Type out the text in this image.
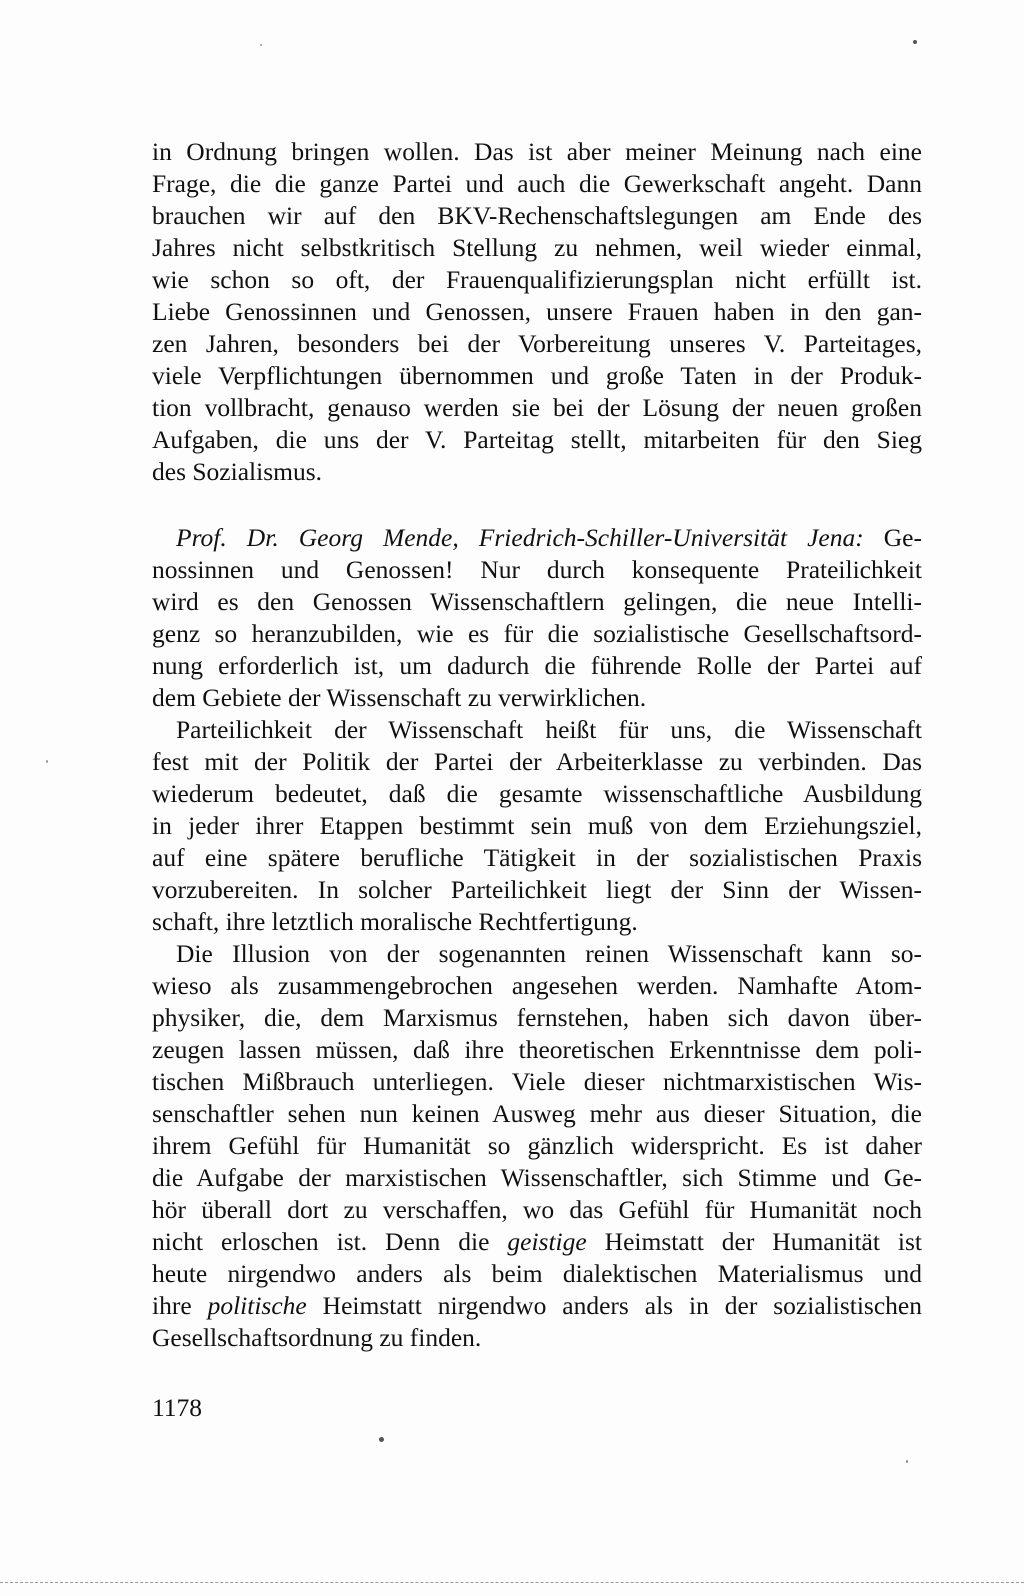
in Ordnung bringen wollen. Das ist aber meiner Meinung nach eine
Frage, die die ganze Partei und auch die Gewerkschaft angeht. Dann
brauchen wir auf den BKV-Rechenschaftslegungen am Ende des
Jahres nicht selbstkritisch Stellung zu nehmen, weil wieder einmal,
wie schon so oft, der Frauenqualifizierungsplan nicht erfüllt ist.
Liebe Genossinnen und Genossen, unsere Frauen haben in den gan-
zen Jahren, besonders bei der Vorbereitung unseres V. Parteitages,
viele Verpflichtungen übernommen und große Taten in der Produk-
tion vollbracht, genauso werden sie bei der Lösung der neuen großen
Aufgaben, die uns der V. Parteitag stellt, mitarbeiten für den Sieg
des Sozialismus.
Prof. Dr. Georg Mende, Friedrich-Schiller-Universität Jena: Ge-
nossinnen und Genossen! Nur durch konsequente Prateilichkeit
wird es den Genossen Wissenschaftlern gelingen, die neue Intelli-
genz so heranzubilden, wie es für die sozialistische Gesellschaftsord-
nung erforderlich ist, um dadurch die führende Rolle der Partei auf
dem Gebiete der Wissenschaft zu verwirklichen.
Parteilichkeit der Wissenschaft heißt für uns, die Wissenschaft
fest mit der Politik der Partei der Arbeiterklasse zu verbinden. Das
wiederum bedeutet, daß die gesamte wissenschaftliche Ausbildung
in jeder ihrer Etappen bestimmt sein muß von dem Erziehungsziel,
auf eine spätere berufliche Tätigkeit in der sozialistischen Praxis
vorzubereiten. In solcher Parteilichkeit liegt der Sinn der Wissen-
schaft, ihre letztlich moralische Rechtfertigung.
Die Illusion von der sogenannten reinen Wissenschaft kann so-
wieso als zusammengebrochen angesehen werden. Namhafte Atom-
physiker, die, dem Marxismus fernstehen, haben sich davon über-
zeugen lassen müssen, daß ihre theoretischen Erkenntnisse dem poli-
tischen Mißbrauch unterliegen. Viele dieser nichtmarxistischen Wis-
senschaftler sehen nun keinen Ausweg mehr aus dieser Situation, die
ihrem Gefühl für Humanität so gänzlich widerspricht. Es ist daher
die Aufgabe der marxistischen Wissenschaftler, sich Stimme und Ge-
hör überall dort zu verschaffen, wo das Gefühl für Humanität noch
nicht erloschen ist. Denn die geistige Heimstatt der Humanität ist
heute nirgendwo anders als beim dialektischen Materialismus und
ihre politische Heimstatt nirgendwo anders als in der sozialistischen
Gesellschaftsordnung zu finden.
1178
